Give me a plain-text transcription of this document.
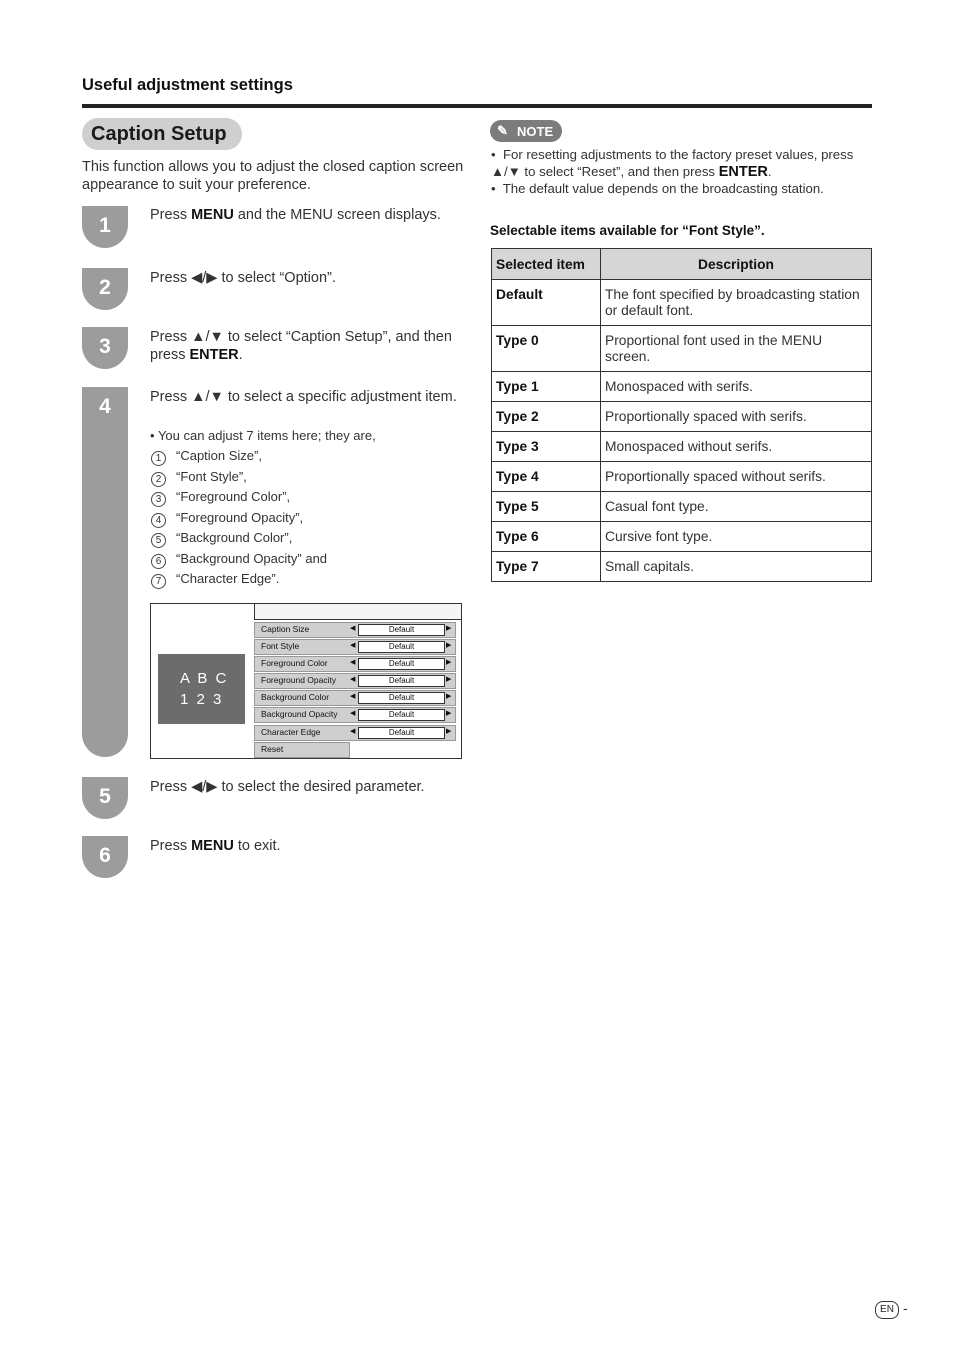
Useful adjustment settings
Caption Setup
This function allows you to adjust the closed caption screen appearance to suit your preference.
1	Press MENU and the MENU screen displays.
2	Press ◀/▶ to select “Option”.
3	Press ▲/▼ to select “Caption Setup”, and then press ENTER.
4	Press ▲/▼ to select a specific adjustment item.
• You can adjust 7 items here; they are,
1 “Caption Size”,
2 “Font Style”,
3 “Foreground Color”,
4 “Foreground Opacity”,
5 “Background Color”,
6 “Background Opacity” and
7 “Character Edge”.
A B C
1 2 3
Caption Size	◀	Default	▶
Font Style	◀	Default	▶
Foreground Color	◀	Default	▶
Foreground Opacity ◀	Default	▶
Background Color	◀	Default	▶
Background Opacity ◀	Default	▶
Character Edge	◀	Default	▶
Reset
5	Press ◀/▶ to select the desired parameter.
6	Press MENU to exit.
✎ NOTE
•  For resetting adjustments to the factory preset values, press ▲/▼ to select “Reset”, and then press ENTER.
•  The default value depends on the broadcasting station.
Selectable items available for “Font Style”.
Selected item	Description
Default	The font specified by broadcasting station or default font.
Type 0	Proportional font used in the MENU screen.
Type 1	Monospaced with serifs.
Type 2	Proportionally spaced with serifs.
Type 3	Monospaced without serifs.
Type 4	Proportionally spaced without serifs.
Type 5	Casual font type.
Type 6	Cursive font type.
Type 7	Small capitals.
EN -
